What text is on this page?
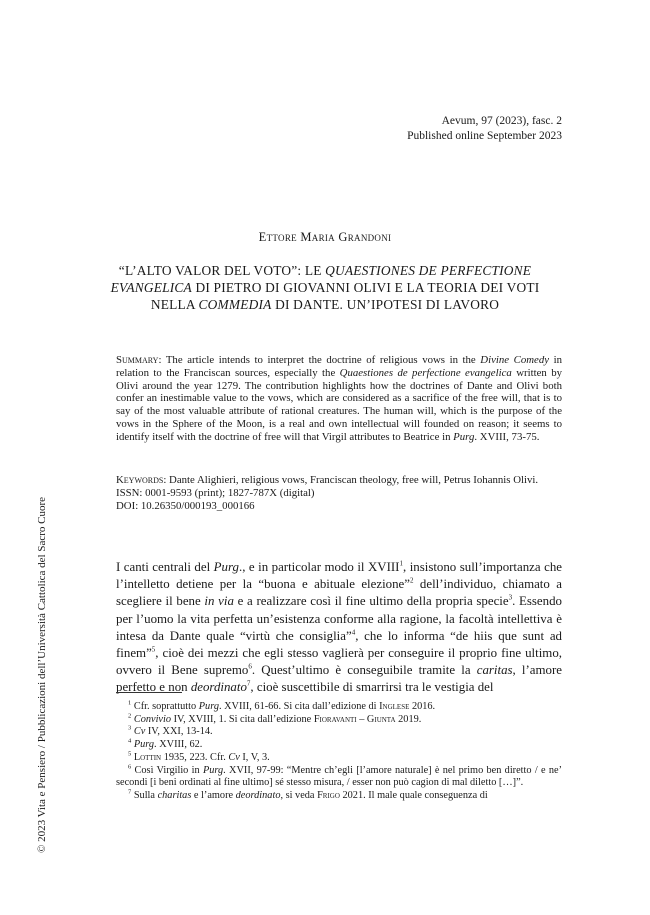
Aevum, 97 (2023), fasc. 2
Published online September 2023
Ettore Maria Grandoni
“L’ALTO VALOR DEL VOTO”: LE QUAESTIONES DE PERFECTIONE EVANGELICA DI PIETRO DI GIOVANNI OLIVI E LA TEORIA DEI VOTI NELLA COMMEDIA DI DANTE. UN’IPOTESI DI LAVORO
Summary: The article intends to interpret the doctrine of religious vows in the Divine Comedy in relation to the Franciscan sources, especially the Quaestiones de perfectione evangelica written by Olivi around the year 1279. The contribution highlights how the doctrines of Dante and Olivi both confer an inestimable value to the vows, which are considered as a sacrifice of the free will, that is to say of the most valuable attribute of rational creatures. The human will, which is the purpose of the vows in the Sphere of the Moon, is a real and own intellectual will founded on reason; it seems to identify itself with the doctrine of free will that Virgil attributes to Beatrice in Purg. XVIII, 73-75.
Keywords: Dante Alighieri, religious vows, Franciscan theology, free will, Petrus Iohannis Olivi.
ISSN: 0001-9593 (print); 1827-787X (digital)
DOI: 10.26350/000193_000166

I canti centrali del Purg., e in particolar modo il XVIII$^1$, insistono sull’importanza che l’intelletto detiene per la “buona e abituale elezione”$^2$ dell’individuo, chiamato a scegliere il bene in via e a realizzare così il fine ultimo della propria specie$^3$. Essendo per l’uomo la vita perfetta un’esistenza conforme alla ragione, la facoltà intellettiva è intesa da Dante quale “virtù che consiglia”$^4$, che lo informa “de hiis que sunt ad finem”$^5$, cioè dei mezzi che egli stesso vaglierà per conseguire il proprio fine ultimo, ovvero il Bene supremo$^6$. Quest’ultimo è conseguibile tramite la caritas, l’amore perfetto e non deordinato$^7$, cioè suscettibile di smarrirsi tra le vestigia del

$^1$ Cfr. soprattutto Purg. XVIII, 61-66. Si cita dall’edizione di Inglese 2016.

$^2$ Convivio IV, XVIII, 1. Si cita dall’edizione Fioravanti – Giunta 2019.

$^3$ Cv IV, XXI, 13-14.

$^4$ Purg. XVIII, 62.

$^5$ Lottin 1935, 223. Cfr. Cv I, V, 3.

$^6$ Così Virgilio in Purg. XVII, 97-99: “Mentre ch’egli [l’amore naturale] è nel primo ben diretto / e ne’ secondi [i beni ordinati al fine ultimo] sé stesso misura, / esser non può cagion di mal diletto […]”.

$^7$ Sulla charitas e l’amore deordinato, si veda Frigo 2021. Il male quale conseguenza di

© 2023 Vita e Pensiero / Pubblicazioni dell’Università Cattolica del Sacro Cuore
